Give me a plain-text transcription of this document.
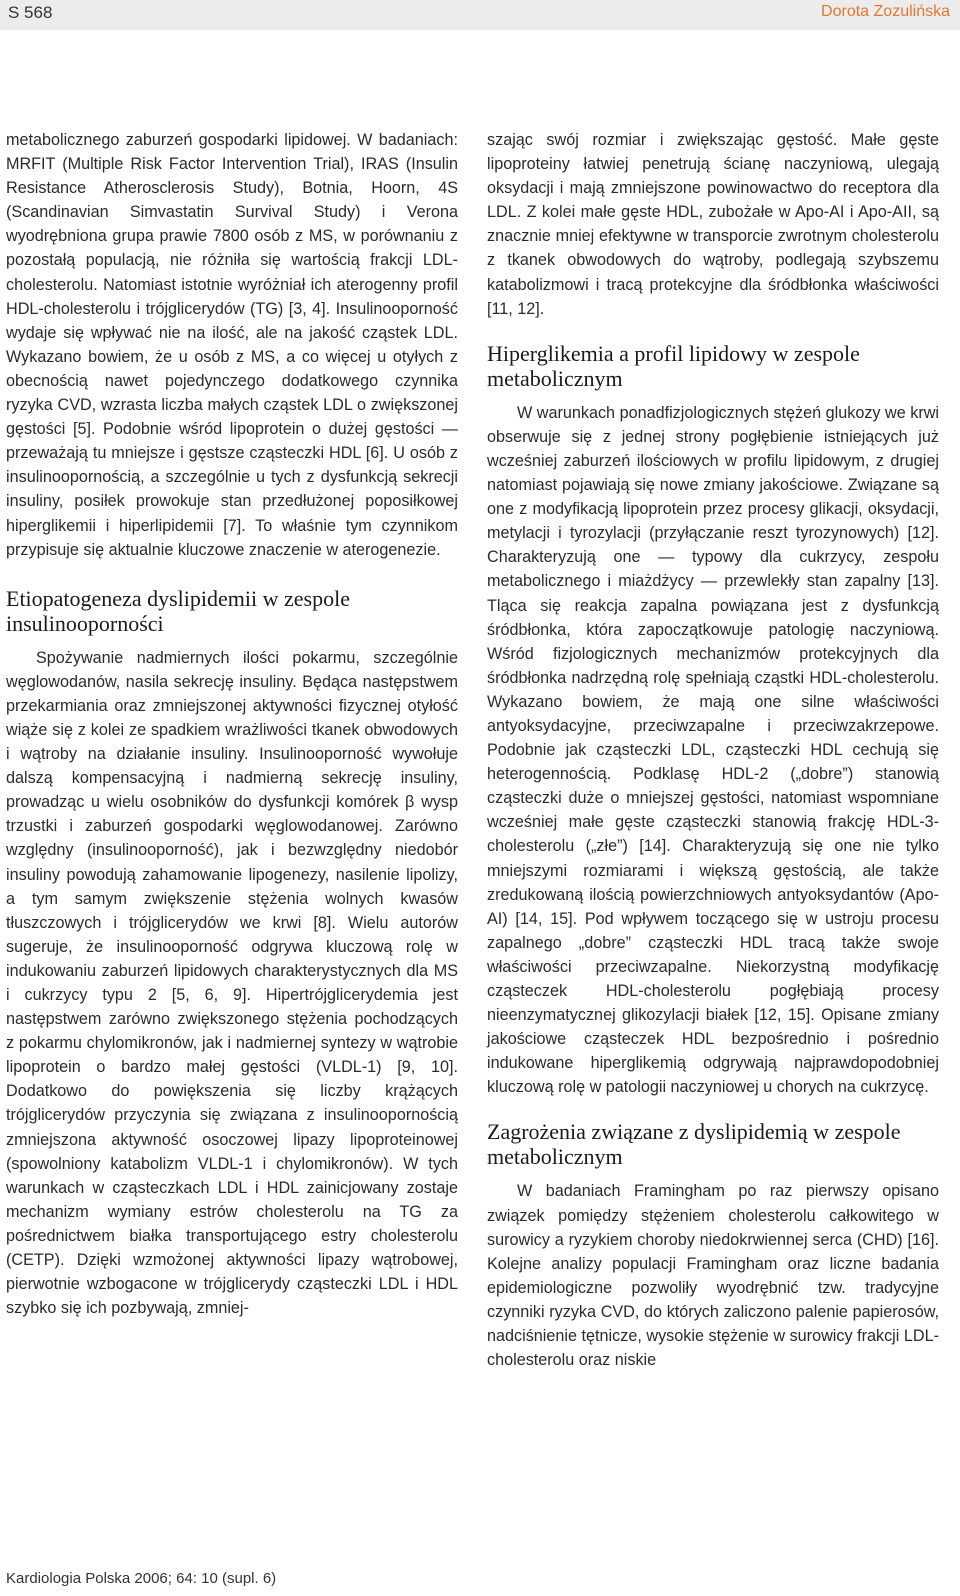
S 568	Dorota Zozulińska

metabolicznego zaburzeń gospodarki lipidowej. W badaniach: MRFIT (Multiple Risk Factor Intervention Trial), IRAS (Insulin Resistance Atherosclerosis Study), Botnia, Hoorn, 4S (Scandinavian Simvastatin Survival Study) i Verona wyodrębniona grupa prawie 7800 osób z MS, w porównaniu z pozostałą populacją, nie różniła się wartością frakcji LDL-cholesterolu. Natomiast istotnie wyróżniał ich aterogenny profil HDL-cholesterolu i trójglicerydów (TG) [3, 4]. Insulinooporność wydaje się wpływać nie na ilość, ale na jakość cząstek LDL. Wykazano bowiem, że u osób z MS, a co więcej u otyłych z obecnością nawet pojedynczego dodatkowego czynnika ryzyka CVD, wzrasta liczba małych cząstek LDL o zwiększonej gęstości [5]. Podobnie wśród lipoprotein o dużej gęstości — przeważają tu mniejsze i gęstsze cząsteczki HDL [6]. U osób z insulinoopornością, a szczególnie u tych z dysfunkcją sekrecji insuliny, posiłek prowokuje stan przedłużonej poposiłkowej hiperglikemii i hiperlipidemii [7]. To właśnie tym czynnikom przypisuje się aktualnie kluczowe znaczenie w aterogenezie.

Etiopatogeneza dyslipidemii w zespole insulinooporności

Spożywanie nadmiernych ilości pokarmu, szczególnie węglowodanów, nasila sekrecję insuliny. Będąca następstwem przekarmiania oraz zmniejszonej aktywności fizycznej otyłość wiąże się z kolei ze spadkiem wrażliwości tkanek obwodowych i wątroby na działanie insuliny. Insulinooporność wywołuje dalszą kompensacyjną i nadmierną sekrecję insuliny, prowadząc u wielu osobników do dysfunkcji komórek β wysp trzustki i zaburzeń gospodarki węglowodanowej. Zarówno względny (insulinooporność), jak i bezwzględny niedobór insuliny powodują zahamowanie lipogenezy, nasilenie lipolizy, a tym samym zwiększenie stężenia wolnych kwasów tłuszczowych i trójglicerydów we krwi [8]. Wielu autorów sugeruje, że insulinooporność odgrywa kluczową rolę w indukowaniu zaburzeń lipidowych charakterystycznych dla MS i cukrzycy typu 2 [5, 6, 9]. Hipertrójglicerydemia jest następstwem zarówno zwiększonego stężenia pochodzących z pokarmu chylomikronów, jak i nadmiernej syntezy w wątrobie lipoprotein o bardzo małej gęstości (VLDL-1) [9, 10]. Dodatkowo do powiększenia się liczby krążących trójglicerydów przyczynia się związana z insulinoopornością zmniejszona aktywność osoczowej lipazy lipoproteinowej (spowolniony katabolizm VLDL-1 i chylomikronów). W tych warunkach w cząsteczkach LDL i HDL zainicjowany zostaje mechanizm wymiany estrów cholesterolu na TG za pośrednictwem białka transportującego estry cholesterolu (CETP). Dzięki wzmożonej aktywności lipazy wątrobowej, pierwotnie wzbogacone w trójglicerydy cząsteczki LDL i HDL szybko się ich pozbywają, zmniej-

szając swój rozmiar i zwiększając gęstość. Małe gęste lipoproteiny łatwiej penetrują ścianę naczyniową, ulegają oksydacji i mają zmniejszone powinowactwo do receptora dla LDL. Z kolei małe gęste HDL, zubożałe w Apo-AI i Apo-AII, są znacznie mniej efektywne w transporcie zwrotnym cholesterolu z tkanek obwodowych do wątroby, podlegają szybszemu katabolizmowi i tracą protekcyjne dla śródbłonka właściwości [11, 12].

Hiperglikemia a profil lipidowy w zespole metabolicznym

W warunkach ponadfizjologicznych stężeń glukozy we krwi obserwuje się z jednej strony pogłębienie istniejących już wcześniej zaburzeń ilościowych w profilu lipidowym, z drugiej natomiast pojawiają się nowe zmiany jakościowe. Związane są one z modyfikacją lipoprotein przez procesy glikacji, oksydacji, metylacji i tyrozylacji (przyłączanie reszt tyrozynowych) [12]. Charakteryzują one — typowy dla cukrzycy, zespołu metabolicznego i miażdżycy — przewlekły stan zapalny [13]. Tląca się reakcja zapalna powiązana jest z dysfunkcją śródbłonka, która zapoczątkowuje patologię naczyniową. Wśród fizjologicznych mechanizmów protekcyjnych dla śródbłonka nadrzędną rolę spełniają cząstki HDL-cholesterolu. Wykazano bowiem, że mają one silne właściwości antyoksydacyjne, przeciwzapalne i przeciwzakrzepowe. Podobnie jak cząsteczki LDL, cząsteczki HDL cechują się heterogennością. Podklasę HDL-2 („dobre”) stanowią cząsteczki duże o mniejszej gęstości, natomiast wspomniane wcześniej małe gęste cząsteczki stanowią frakcję HDL-3- cholesterolu („złe”) [14]. Charakteryzują się one nie tylko mniejszymi rozmiarami i większą gęstością, ale także zredukowaną ilością powierzchniowych antyoksydantów (Apo-AI) [14, 15]. Pod wpływem toczącego się w ustroju procesu zapalnego „dobre” cząsteczki HDL tracą także swoje właściwości przeciwzapalne. Niekorzystną modyfikację cząsteczek HDL-cholesterolu pogłębiają procesy nieenzymatycznej glikozylacji białek [12, 15]. Opisane zmiany jakościowe cząsteczek HDL bezpośrednio i pośrednio indukowane hiperglikemią odgrywają najprawdopodobniej kluczową rolę w patologii naczyniowej u chorych na cukrzycę.

Zagrożenia związane z dyslipidemią w zespole metabolicznym

W badaniach Framingham po raz pierwszy opisano związek pomiędzy stężeniem cholesterolu całkowitego w surowicy a ryzykiem choroby niedokrwiennej serca (CHD) [16]. Kolejne analizy populacji Framingham oraz liczne badania epidemiologiczne pozwoliły wyodrębnić tzw. tradycyjne czynniki ryzyka CVD, do których zaliczono palenie papierosów, nadciśnienie tętnicze, wysokie stężenie w surowicy frakcji LDL-cholesterolu oraz niskie

Kardiologia Polska 2006; 64: 10 (supl. 6)
